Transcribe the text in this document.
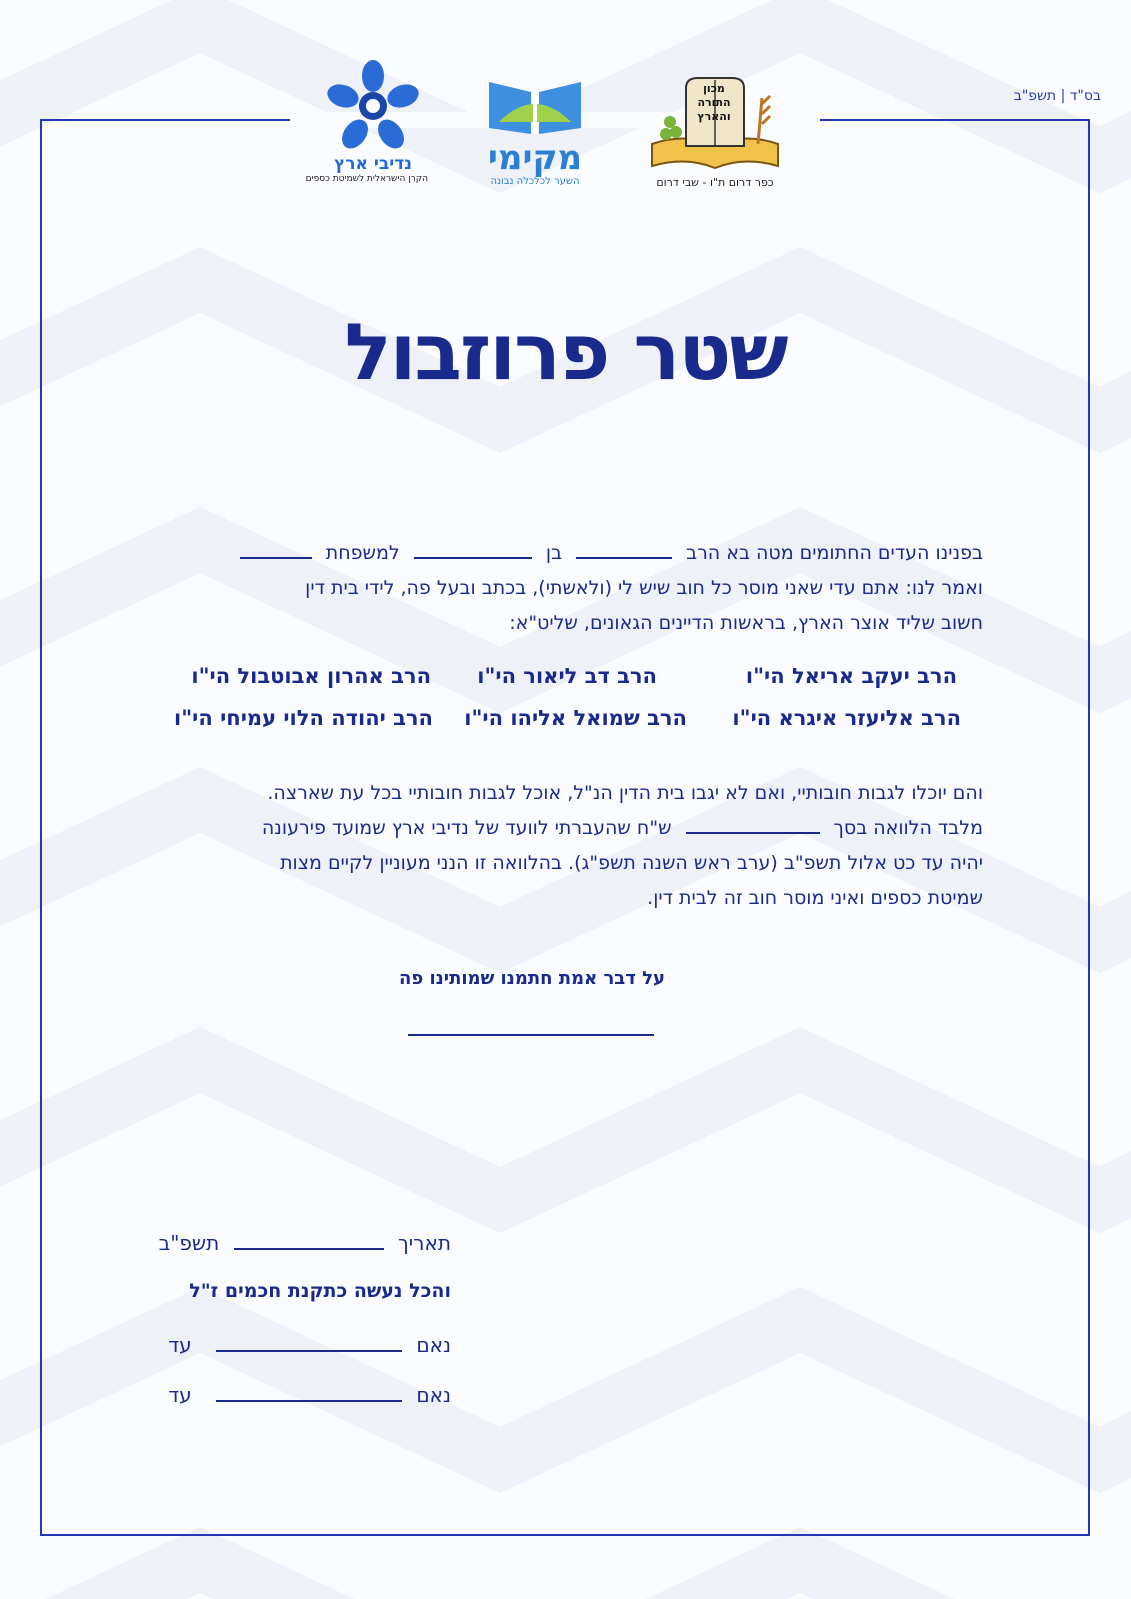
בס"ד | תשפ"ב
נדיבי ארץ
הקרן הישראלית לשמיטת כספים
מקימי
השער לכלכלה נבונה
מכון
התורה
והארץ
כפר דרום ת"ו - שבי דרום
שטר פרוזבול
בפנינו העדים החתומים מטה בא הרב  בן  למשפחת
ואמר לנו: אתם עדי שאני מוסר כל חוב שיש לי (ולאשתי), בכתב ובעל פה, לידי בית דין
חשוב שליד אוצר הארץ, בראשות הדיינים הגאונים, שליט"א:
הרב יעקב אריאל הי"ו
הרב דב ליאור הי"ו
הרב אהרון אבוטבול הי"ו
הרב אליעזר איגרא הי"ו
הרב שמואל אליהו הי"ו
הרב יהודה הלוי עמיחי הי"ו
והם יוכלו לגבות חובותיי, ואם לא יגבו בית הדין הנ"ל, אוכל לגבות חובותיי בכל עת שארצה.
מלבד הלוואה בסך  ש"ח שהעברתי לוועד של נדיבי ארץ שמועד פירעונה
יהיה עד כט אלול תשפ"ב (ערב ראש השנה תשפ"ג). בהלוואה זו הנני מעוניין לקיים מצות
שמיטת כספים ואיני מוסר חוב זה לבית דין.
על דבר אמת חתמנו שמותינו פה
תאריך  תשפ"ב
והכל נעשה כתקנת חכמים ז"ל
נאם  עד
נאם  עד
